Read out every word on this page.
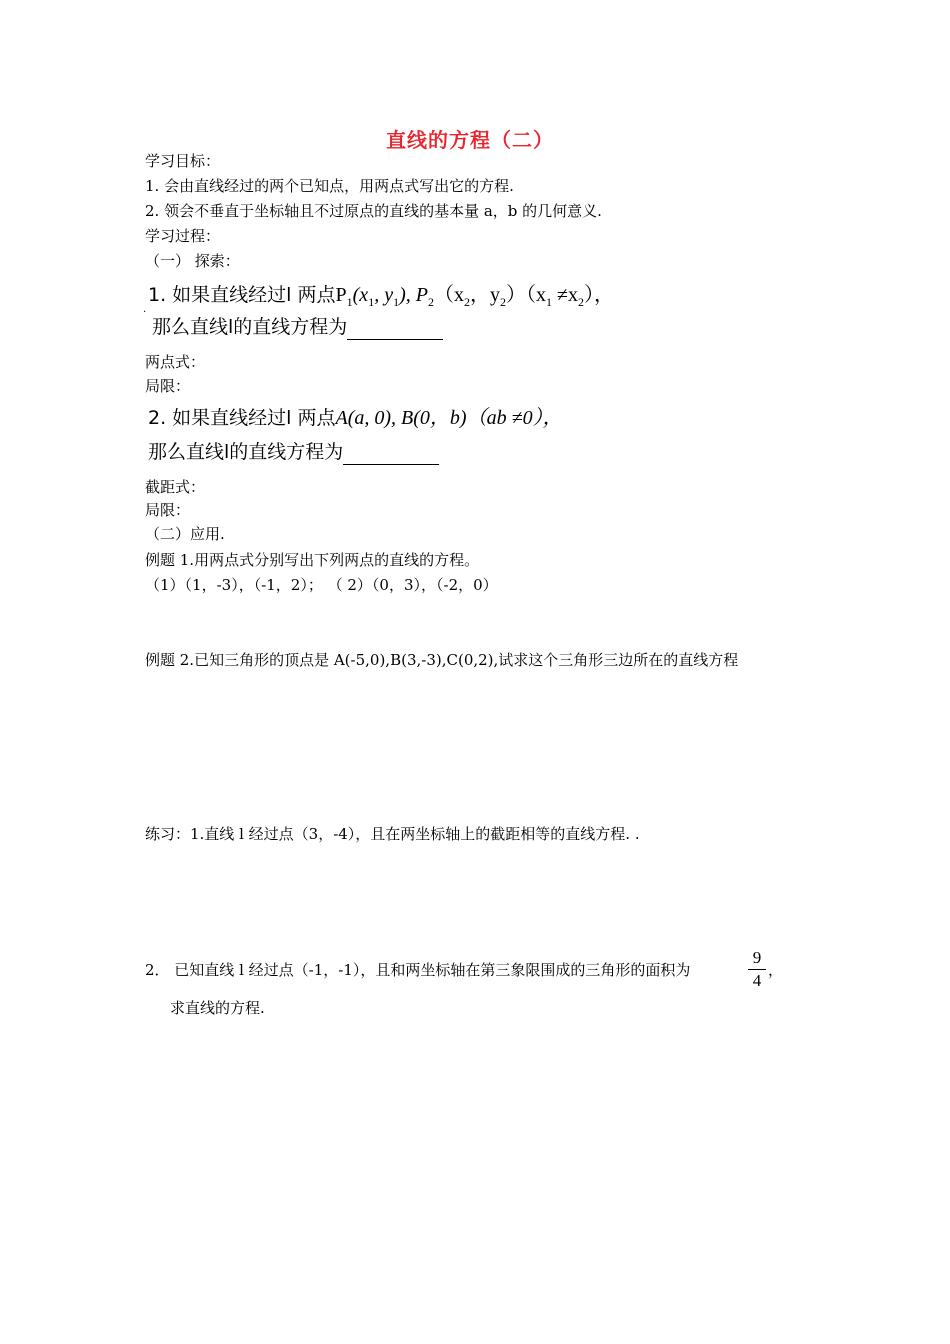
直线的方程（二）
学习目标：
1. 会由直线经过的两个已知点，用两点式写出它的方程.
2. 领会不垂直于坐标轴且不过原点的直线的基本量 a，b 的几何意义.
学习过程：
（一） 探索：
1. 如果直线经过l 两点$P_1(x_1$, $y_1$), $P_2(x_2$，$y_2)(x_1 \ne x_2)$，
.
那么直线l的直线方程为
两点式：
局限：
2. 如果直线经过l 两点A(a, 0), B(0，b)（ab ≠0），
那么直线l的直线方程为
截距式：
局限：
（二）应用.
例题 1.用两点式分别写出下列两点的直线的方程。
（1）（1，-3），（-1，2）； （ 2）（0，3），（-2，0）
例题 2.已知三角形的顶点是 A(-5,0),B(3,-3),C(0,2),试求这个三角形三边所在的直线方程
练习：1.直线 l 经过点（3，-4），且在两坐标轴上的截距相等的直线方程. .
2． 已知直线 l 经过点（-1，-1），且和两坐标轴在第三象限围成的三角形的面积为
9
4
，
求直线的方程.
